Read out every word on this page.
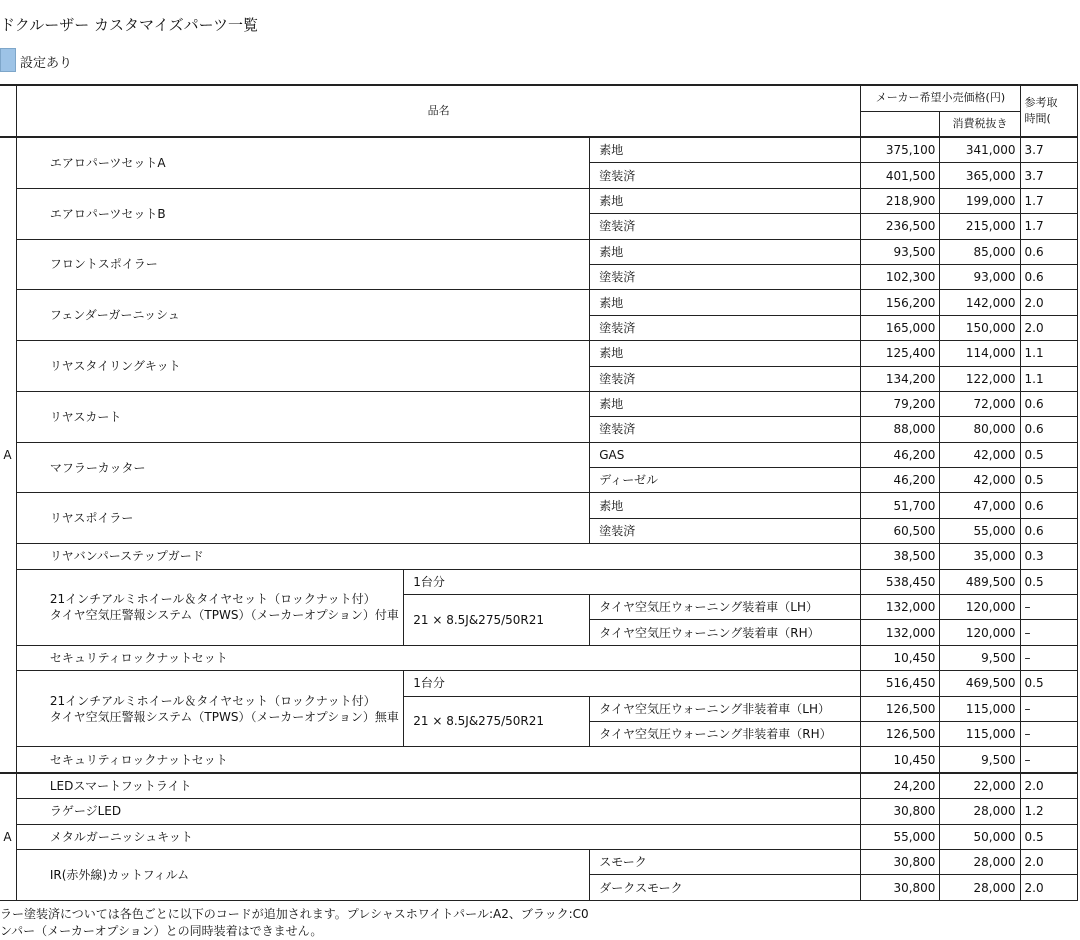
ドクルーザー カスタマイズパーツ一覧
設定あり
	品名			メーカー希望小売価格(円)		参考取
時間(

					消費税抜き	
A	エアロパーツセットA		素地	375,100	341,000	3.7
			塗装済	401,500	365,000	3.7
	エアロパーツセットB		素地	218,900	199,000	1.7
			塗装済	236,500	215,000	1.7
	フロントスポイラー		素地	93,500	85,000	0.6
			塗装済	102,300	93,000	0.6
	フェンダーガーニッシュ		素地	156,200	142,000	2.0
			塗装済	165,000	150,000	2.0
	リヤスタイリングキット		素地	125,400	114,000	1.1
			塗装済	134,200	122,000	1.1
	リヤスカート		素地	79,200	72,000	0.6
			塗装済	88,000	80,000	0.6
	マフラーカッター		GAS	46,200	42,000	0.5
			ディーゼル	46,200	42,000	0.5
	リヤスポイラー		素地	51,700	47,000	0.6
			塗装済	60,500	55,000	0.6
	リヤバンパーステップガード			38,500	35,000	0.3

	21インチアルミホイール＆タイヤセット（ロックナット付）
タイヤ空気圧警報システム（TPWS）（メーカーオプション）付車	1台分		538,450	489,500	0.5
		21 × 8.5J&275/50R21	タイヤ空気圧ウォーニング装着車（LH）	132,000	120,000	–
			タイヤ空気圧ウォーニング装着車（RH）	132,000	120,000	–
	セキュリティロックナットセット			10,450	9,500	–

	21インチアルミホイール＆タイヤセット（ロックナット付）
タイヤ空気圧警報システム（TPWS）（メーカーオプション）無車	1台分		516,450	469,500	0.5
		21 × 8.5J&275/50R21	タイヤ空気圧ウォーニング非装着車（LH）	126,500	115,000	–
			タイヤ空気圧ウォーニング非装着車（RH）	126,500	115,000	–
	セキュリティロックナットセット			10,450	9,500	–
A	LEDスマートフットライト			24,200	22,000	2.0
	ラゲージLED			30,800	28,000	1.2
	メタルガーニッシュキット			55,000	50,000	0.5
	IR(赤外線)カットフィルム		スモーク	30,800	28,000	2.0
			ダークスモーク	30,800	28,000	2.0
ラー塗装済については各色ごとに以下のコードが追加されます。プレシャスホワイトパール:A2、ブラック:C0
ンパー（メーカーオプション）との同時装着はできません。
